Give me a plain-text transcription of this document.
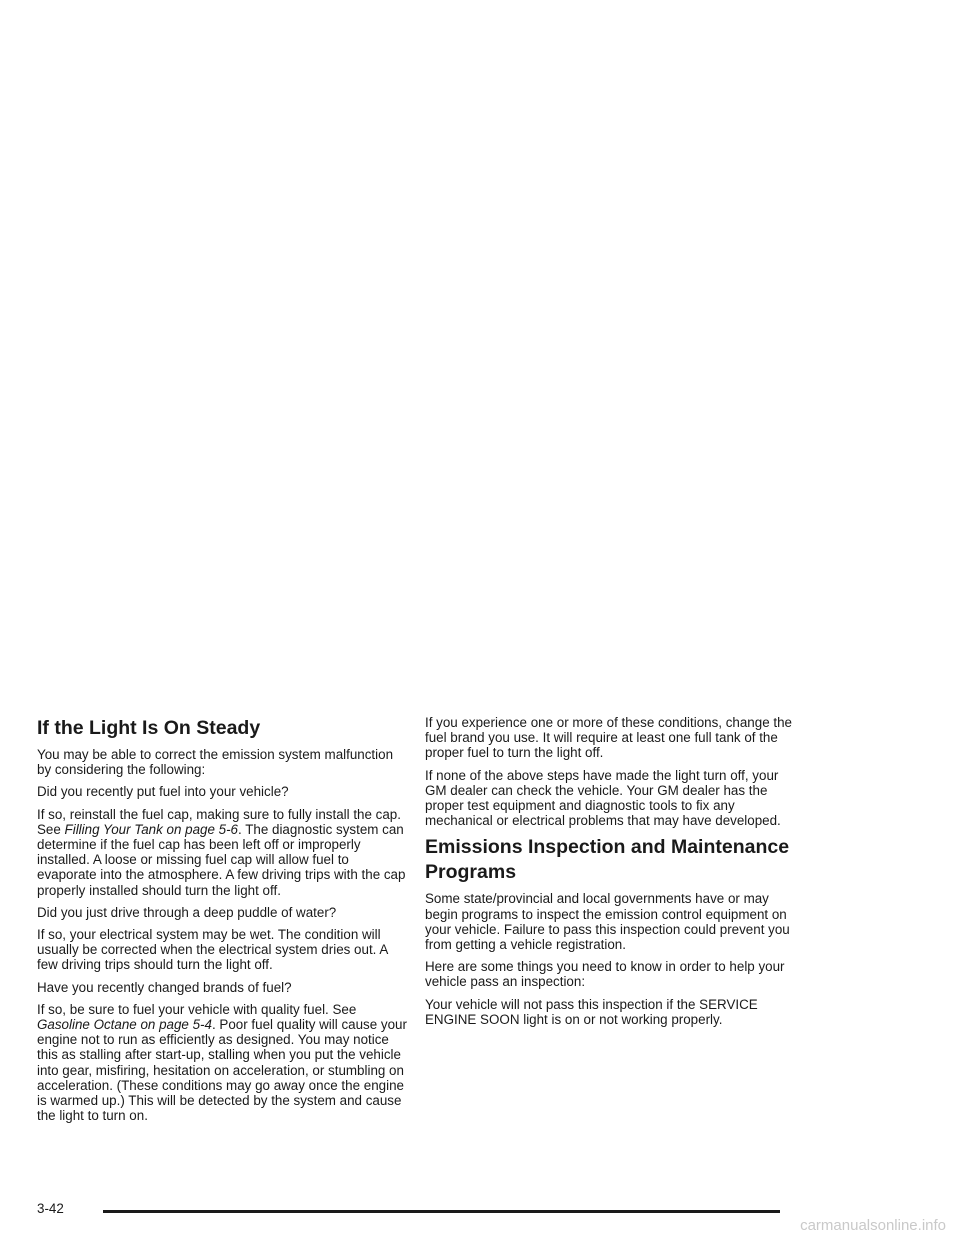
If the Light Is On Steady

You may be able to correct the emission system malfunction by considering the following:

Did you recently put fuel into your vehicle?

If so, reinstall the fuel cap, making sure to fully install the cap. See Filling Your Tank on page 5-6. The diagnostic system can determine if the fuel cap has been left off or improperly installed. A loose or missing fuel cap will allow fuel to evaporate into the atmosphere. A few driving trips with the cap properly installed should turn the light off.

Did you just drive through a deep puddle of water?

If so, your electrical system may be wet. The condition will usually be corrected when the electrical system dries out. A few driving trips should turn the light off.

Have you recently changed brands of fuel?

If so, be sure to fuel your vehicle with quality fuel. See Gasoline Octane on page 5-4. Poor fuel quality will cause your engine not to run as efficiently as designed. You may notice this as stalling after start-up, stalling when you put the vehicle into gear, misfiring, hesitation on acceleration, or stumbling on acceleration. (These conditions may go away once the engine is warmed up.) This will be detected by the system and cause the light to turn on.

If you experience one or more of these conditions, change the fuel brand you use. It will require at least one full tank of the proper fuel to turn the light off.

If none of the above steps have made the light turn off, your GM dealer can check the vehicle. Your GM dealer has the proper test equipment and diagnostic tools to fix any mechanical or electrical problems that may have developed.

Emissions Inspection and Maintenance Programs

Some state/provincial and local governments have or may begin programs to inspect the emission control equipment on your vehicle. Failure to pass this inspection could prevent you from getting a vehicle registration.

Here are some things you need to know in order to help your vehicle pass an inspection:

Your vehicle will not pass this inspection if the SERVICE ENGINE SOON light is on or not working properly.

3-42
carmanualsonline.info
